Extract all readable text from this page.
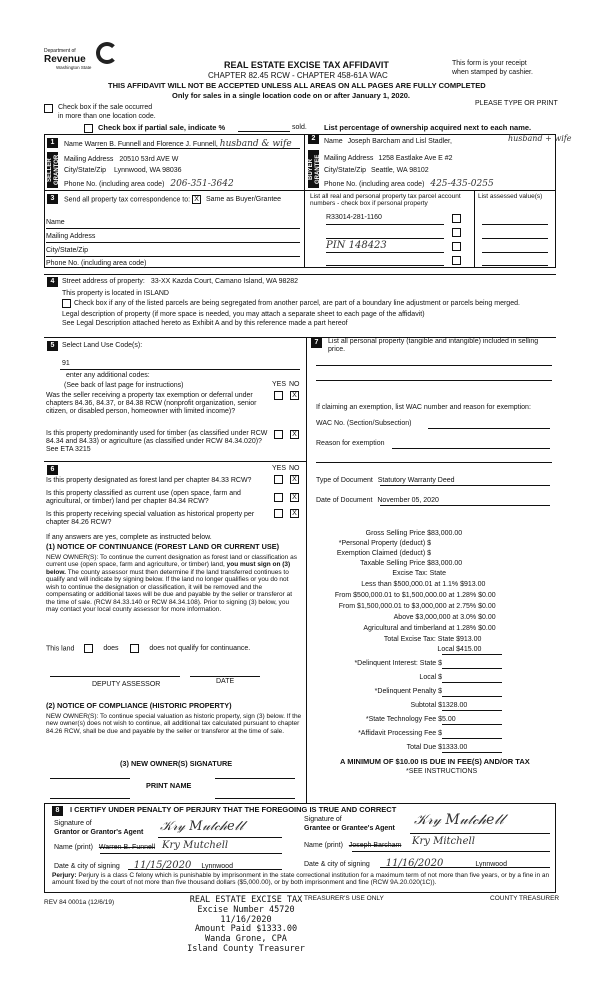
Department of
Revenue
Washington State	REAL ESTATE EXCISE TAX AFFIDAVIT
CHAPTER 82.45 RCW - CHAPTER 458-61A WAC
This form is your receipt
when stamped by cashier.
THIS AFFIDAVIT WILL NOT BE ACCEPTED UNLESS ALL AREAS ON ALL PAGES ARE FULLY COMPLETED
Only for sales in a single location code on or after January 1, 2020.
PLEASE TYPE OR PRINT
Check box if the sale occurred
in more than one location code.
Check box if partial sale, indicate %	sold. List percentage of ownership acquired next to each name.
1
SELLER GRANTOR
Name Warren B. Funnell and Florence J. Funnell, husband & wife
Mailing Address 20510 53rd AVE W
City/State/Zip Lynnwood, WA 98036
Phone No. (including area code) 206-351-3642
2
BUYER GRANTEE
Name Joseph Barcham and Lisl Stadler,	husband + wife
Mailing Address 1258 Eastlake Ave E #2
City/State/Zip Seattle, WA 98102
Phone No. (including area code) 425-435-0255
3	Send all property tax correspondence to: X Same as Buyer/Grantee
Name
Mailing Address
City/State/Zip
Phone No. (including area code)
List all real and personal property tax parcel account numbers - check box if personal property
List assessed value(s)
R33014-281-1160
PIN 148423
4	Street address of property: 33-XX Kazda Court, Camano Island, WA 98282
This property is located in ISLAND
Check box if any of the listed parcels are being segregated from another parcel, are part of a boundary line adjustment or parcels being merged.
Legal description of property (if more space is needed, you may attach a separate sheet to each page of the affidavit)
See Legal Description attached hereto as Exhibit A and by this reference made a part hereof
5	Select Land Use Code(s):
91
enter any additional codes:
(See back of last page for instructions)	YES NO
Was the seller receiving a property tax exemption or deferral under chapters 84.36, 84.37, or 84.38 RCW (nonprofit organization, senior citizen, or disabled person, homeowner with limited income)?
X
Is this property predominantly used for timber (as classified under RCW 84.34 and 84.33) or agriculture (as classified under RCW 84.34.020)? See ETA 3215
X
6	YES NO
Is this property designated as forest land per chapter 84.33 RCW?	X
Is this property classified as current use (open space, farm and agricultural, or timber) land per chapter 84.34 RCW?
X
Is this property receiving special valuation as historical property per chapter 84.26 RCW?
X
If any answers are yes, complete as instructed below.
(1) NOTICE OF CONTINUANCE (FOREST LAND OR CURRENT USE)
NEW OWNER(S): To continue the current designation as forest land or classification as current use (open space, farm and agriculture, or timber) land, you must sign on (3) below. The county assessor must then determine if the land transferred continues to qualify and will indicate by signing below. If the land no longer qualifies or you do not wish to continue the designation or classification, it will be removed and the compensating or additional taxes will be due and payable by the seller or transferor at the time of sale. (RCW 84.33.140 or RCW 84.34.108). Prior to signing (3) below, you may contact your local county assessor for more information.
This land	does	does not qualify for continuance.
DEPUTY ASSESSOR	DATE
(2) NOTICE OF COMPLIANCE (HISTORIC PROPERTY)
NEW OWNER(S): To continue special valuation as historic property, sign (3) below. If the new owner(s) does not wish to continue, all additional tax calculated pursuant to chapter 84.26 RCW, shall be due and payable by the seller or transferor at the time of sale.
(3) NEW OWNER(S) SIGNATURE
PRINT NAME
7	List all personal property (tangible and intangible) included in selling price.
If claiming an exemption, list WAC number and reason for exemption:
WAC No. (Section/Subsection)
Reason for exemption
Type of Document Statutory Warranty Deed
Date of Document November 05, 2020
Gross Selling Price $ 83,000.00
*Personal Property (deduct) $
Exemption Claimed (deduct) $
Taxable Selling Price $ 83,000.00
Excise Tax: State
Less than $500,000.01 at 1.1% $ 913.00
From $500,000.01 to $1,500,000.00 at 1.28% $ 0.00
From $1,500,000.01 to $3,000,000 at 2.75% $ 0.00
Above $3,000,000 at 3.0% $ 0.00
Agricultural and timberland at 1.28% $ 0.00
Total Excise Tax: State $ 913.00
Local $ 415.00
*Delinquent Interest: State $
Local $
*Delinquent Penalty $
Subtotal $ 1328.00
*State Technology Fee $ 5.00
*Affidavit Processing Fee $
Total Due $ 1333.00
A MINIMUM OF $10.00 IS DUE IN FEE(S) AND/OR TAX
*SEE INSTRUCTIONS
8	I CERTIFY UNDER PENALTY OF PERJURY THAT THE FOREGOING IS TRUE AND CORRECT
Signature of
Grantor or Grantor's Agent 𝒦𝓇𝓎 𝑀𝓊𝓉𝒸𝒽𝑒𝓁𝓁
Name (print) Warren B. Funnell Kry Mutchell
Date & city of signing 11/15/2020 Lynnwood
Signature of
Grantee or Grantee's Agent
𝒦𝓇𝓎 𝑀𝓊𝓉𝒸𝒽𝑒𝓁𝓁
Name (print) Joseph Barcham Kry Mitchell
Date & city of signing 11/16/2020	Lynnwood
Perjury: Perjury is a class C felony which is punishable by imprisonment in the state correctional institution for a maximum term of not more than five years, or by a fine in an amount fixed by the court of not more than five thousand dollars ($5,000.00), or by both imprisonment and fine (RCW 9A.20.020(1C)).
REV 84 0001a (12/6/19)
TREASURER'S USE ONLY	COUNTY TREASURER
REAL ESTATE EXCISE TAX
Excise Number 45720
11/16/2020
Amount Paid $1333.00
Wanda Grone, CPA
Island County Treasurer
